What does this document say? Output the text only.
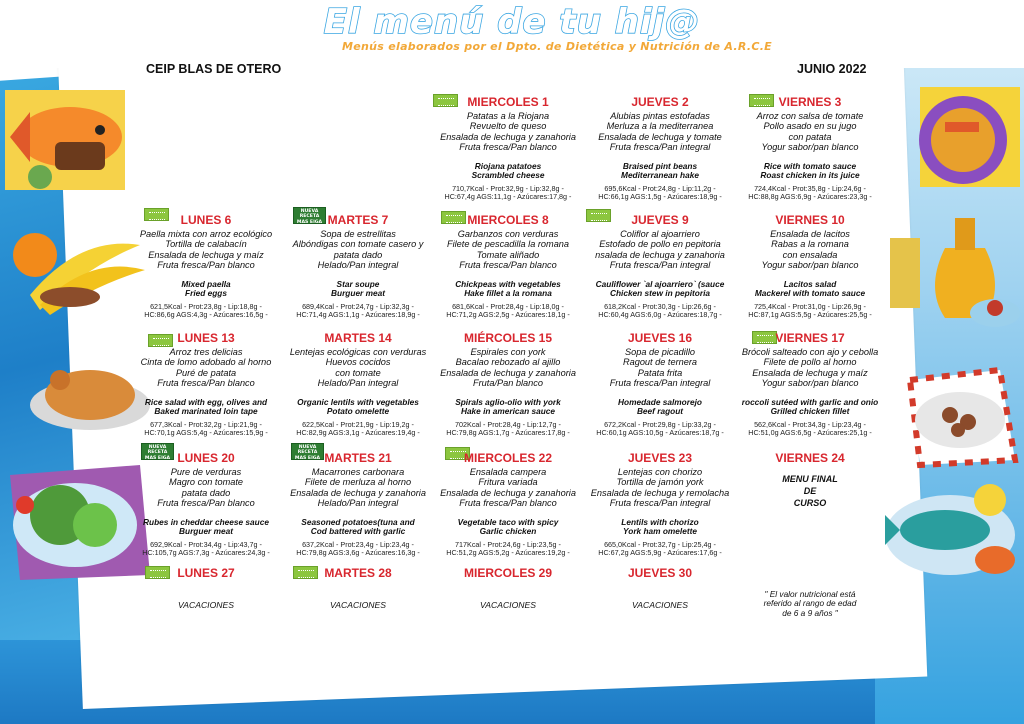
El menú de tu hij@
Menús elaborados por el Dpto. de Dietética y Nutrición de A.R.C.E
CEIP BLAS DE OTERO	JUNIO 2022
NUEVA
RECETA
MAS EIGA
NUEVA
RECETA
MAS EIGA
NUEVA
RECETA
MAS EIGA
MIERCOLES 1
Patatas a la Riojana
Revuelto de queso
Ensalada de lechuga y zanahoria
Fruta fresca/Pan blanco
Riojana patatoes
Scrambled cheese
710,7Kcal - Prot:32,9g - Lip:32,8g -
HC:67,4g AGS:11,1g - Azúcares:17,8g -
JUEVES 2
Alubias pintas estofadas
Merluza a la mediterranea
Ensalada de lechuga y tomate
Fruta fresca/Pan integral
Braised pint beans
Mediterranean hake
695,6Kcal - Prot:24,8g - Lip:11,2g -
HC:66,1g AGS:1,5g - Azúcares:18,9g -
VIERNES 3
Arroz con salsa de tomate
Pollo asado en su jugo
con patata
Yogur sabor/pan blanco
Rice with tomato sauce
Roast chicken in its juice
724,4Kcal - Prot:35,8g - Lip:24,6g -
HC:88,8g AGS:6,9g - Azúcares:23,3g -
LUNES 6
Paella mixta con arroz ecológico
Tortilla de calabacín
Ensalada de lechuga y maíz
Fruta fresca/Pan blanco
Mixed paella
Fried eggs
621,5Kcal - Prot:23,8g - Lip:18,8g -
HC:86,6g AGS:4,3g - Azúcares:16,5g -
MARTES 7
Sopa de estrellitas
Albóndigas con tomate casero y
patata dado
Helado/Pan integral
Star soupe
Burguer meat
689,4Kcal - Prot:24,7g - Lip:32,3g -
HC:71,4g AGS:1,1g - Azúcares:18,9g -
MIERCOLES 8
Garbanzos con verduras
Filete de pescadilla la romana
Tomate aliñado
Fruta fresca/Pan blanco
Chickpeas with vegetables
Hake fillet a la romana
681,6Kcal - Prot:28,4g - Lip:18,0g -
HC:71,2g AGS:2,5g - Azúcares:18,1g -
JUEVES 9
Coliflor al ajoarriero
Estofado de pollo en pepitoria
nsalada de lechuga y zanahoria
Fruta fresca/Pan integral
Cauliflower `al ajoarriero` (sauce
Chicken stew in pepitoria
618,2Kcal - Prot:30,3g - Lip:26,6g -
HC:60,4g AGS:6,0g - Azúcares:18,7g -
VIERNES 10
Ensalada de lacitos
Rabas a la romana
con ensalada
Yogur sabor/pan blanco
Lacitos salad
Mackerel with tomato sauce
725,4Kcal - Prot:31,0g - Lip:26,9g -
HC:87,1g AGS:5,5g - Azúcares:25,5g -
LUNES 13
Arroz tres delicias
Cinta de lomo adobado al horno
Puré de patata
Fruta fresca/Pan blanco
Rice salad with egg, olives and
Baked marinated loin tape
677,3Kcal - Prot:32,2g - Lip:21,9g -
HC:70,1g AGS:5,4g - Azúcares:15,9g -
MARTES 14
Lentejas ecológicas con verduras
Huevos cocidos
con tomate
Helado/Pan integral
Organic lentils with vegetables
Potato omelette
622,5Kcal - Prot:21,9g - Lip:19,2g -
HC:82,9g AGS:3,1g - Azúcares:19,4g -
MIÉRCOLES 15
Espirales con york
Bacalao rebozado al ajillo
Ensalada de lechuga y zanahoria
Fruta/Pan blanco
Spirals aglio-olio with york
Hake in american sauce
702Kcal - Prot:28,4g - Lip:12,7g -
HC:79,8g AGS:1,7g - Azúcares:17,8g -
JUEVES 16
Sopa de picadillo
Ragout de ternera
Patata frita
Fruta fresca/Pan integral
Homedade salmorejo
Beef ragout
672,2Kcal - Prot:29,8g - Lip:33,2g -
HC:60,1g AGS:10,5g - Azúcares:18,7g -
VIERNES 17
Brócoli salteado con ajo y cebolla
Filete de pollo al horno
Ensalada de lechuga y maíz
Yogur sabor/pan blanco
roccoli sutéed with garlic and onio
Grilled chicken fillet
562,6Kcal - Prot:34,3g - Lip:23,4g -
HC:51,0g AGS:6,5g - Azúcares:25,1g -
LUNES 20
Pure de verduras
Magro con tomate
patata dado
Fruta fresca/Pan blanco
Rubes in cheddar cheese sauce
Burguer meat
692,9Kcal - Prot:34,4g - Lip:43,7g -
HC:105,7g AGS:7,3g - Azúcares:24,3g -
MARTES 21
Macarrones carbonara
Filete de merluza al horno
Ensalada de lechuga y zanahoria
Helado/Pan integral
Seasoned potatoes(tuna and
Cod battered with garlic
637,2Kcal - Prot:23,4g - Lip:23,4g -
HC:79,8g AGS:3,6g - Azúcares:16,3g -
MIERCOLES 22
Ensalada campera
Fritura variada
Ensalada de lechuga y zanahoria
Fruta fresca/Pan blanco
Vegetable taco with spicy
Garlic chicken
717Kcal - Prot:24,6g - Lip:23,5g -
HC:51,2g AGS:5,2g - Azúcares:19,2g -
JUEVES 23
Lentejas con chorizo
Tortilla de jamón york
Ensalada de lechuga y remolacha
Fruta fresca/Pan integral
Lentils with chorizo
York ham omelette
665,0Kcal - Prot:32,7g - Lip:25,4g -
HC:67,2g AGS:5,9g - Azúcares:17,6g -
VIERNES 24
MENU FINAL
DE
CURSO
LUNES 27
VACACIONES
MARTES 28
VACACIONES
MIERCOLES 29
VACACIONES
JUEVES 30
VACACIONES
" El valor nutricional está
referido al rango de edad
de 6 a 9 años "
